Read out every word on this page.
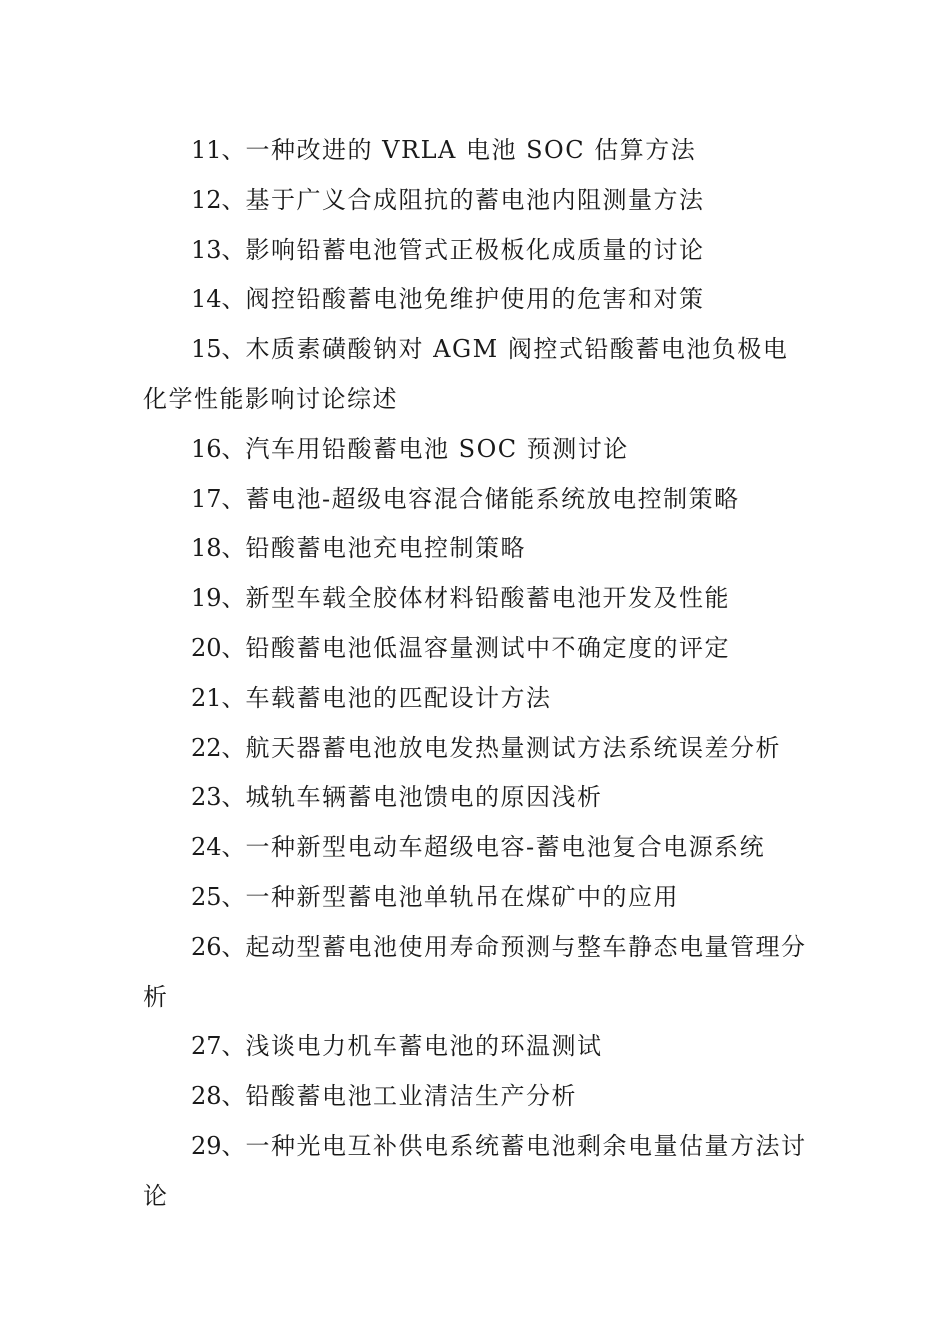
11、一种改进的 VRLA 电池 SOC 估算方法

12、基于广义合成阻抗的蓄电池内阻测量方法

13、影响铅蓄电池管式正极板化成质量的讨论

14、阀控铅酸蓄电池免维护使用的危害和对策

15、木质素磺酸钠对 AGM 阀控式铅酸蓄电池负极电化学性能影响讨论综述

16、汽车用铅酸蓄电池 SOC 预测讨论

17、蓄电池-超级电容混合储能系统放电控制策略

18、铅酸蓄电池充电控制策略

19、新型车载全胶体材料铅酸蓄电池开发及性能

20、铅酸蓄电池低温容量测试中不确定度的评定

21、车载蓄电池的匹配设计方法

22、航天器蓄电池放电发热量测试方法系统误差分析

23、城轨车辆蓄电池馈电的原因浅析

24、一种新型电动车超级电容-蓄电池复合电源系统

25、一种新型蓄电池单轨吊在煤矿中的应用

26、起动型蓄电池使用寿命预测与整车静态电量管理分析

27、浅谈电力机车蓄电池的环温测试

28、铅酸蓄电池工业清洁生产分析

29、一种光电互补供电系统蓄电池剩余电量估量方法讨论
